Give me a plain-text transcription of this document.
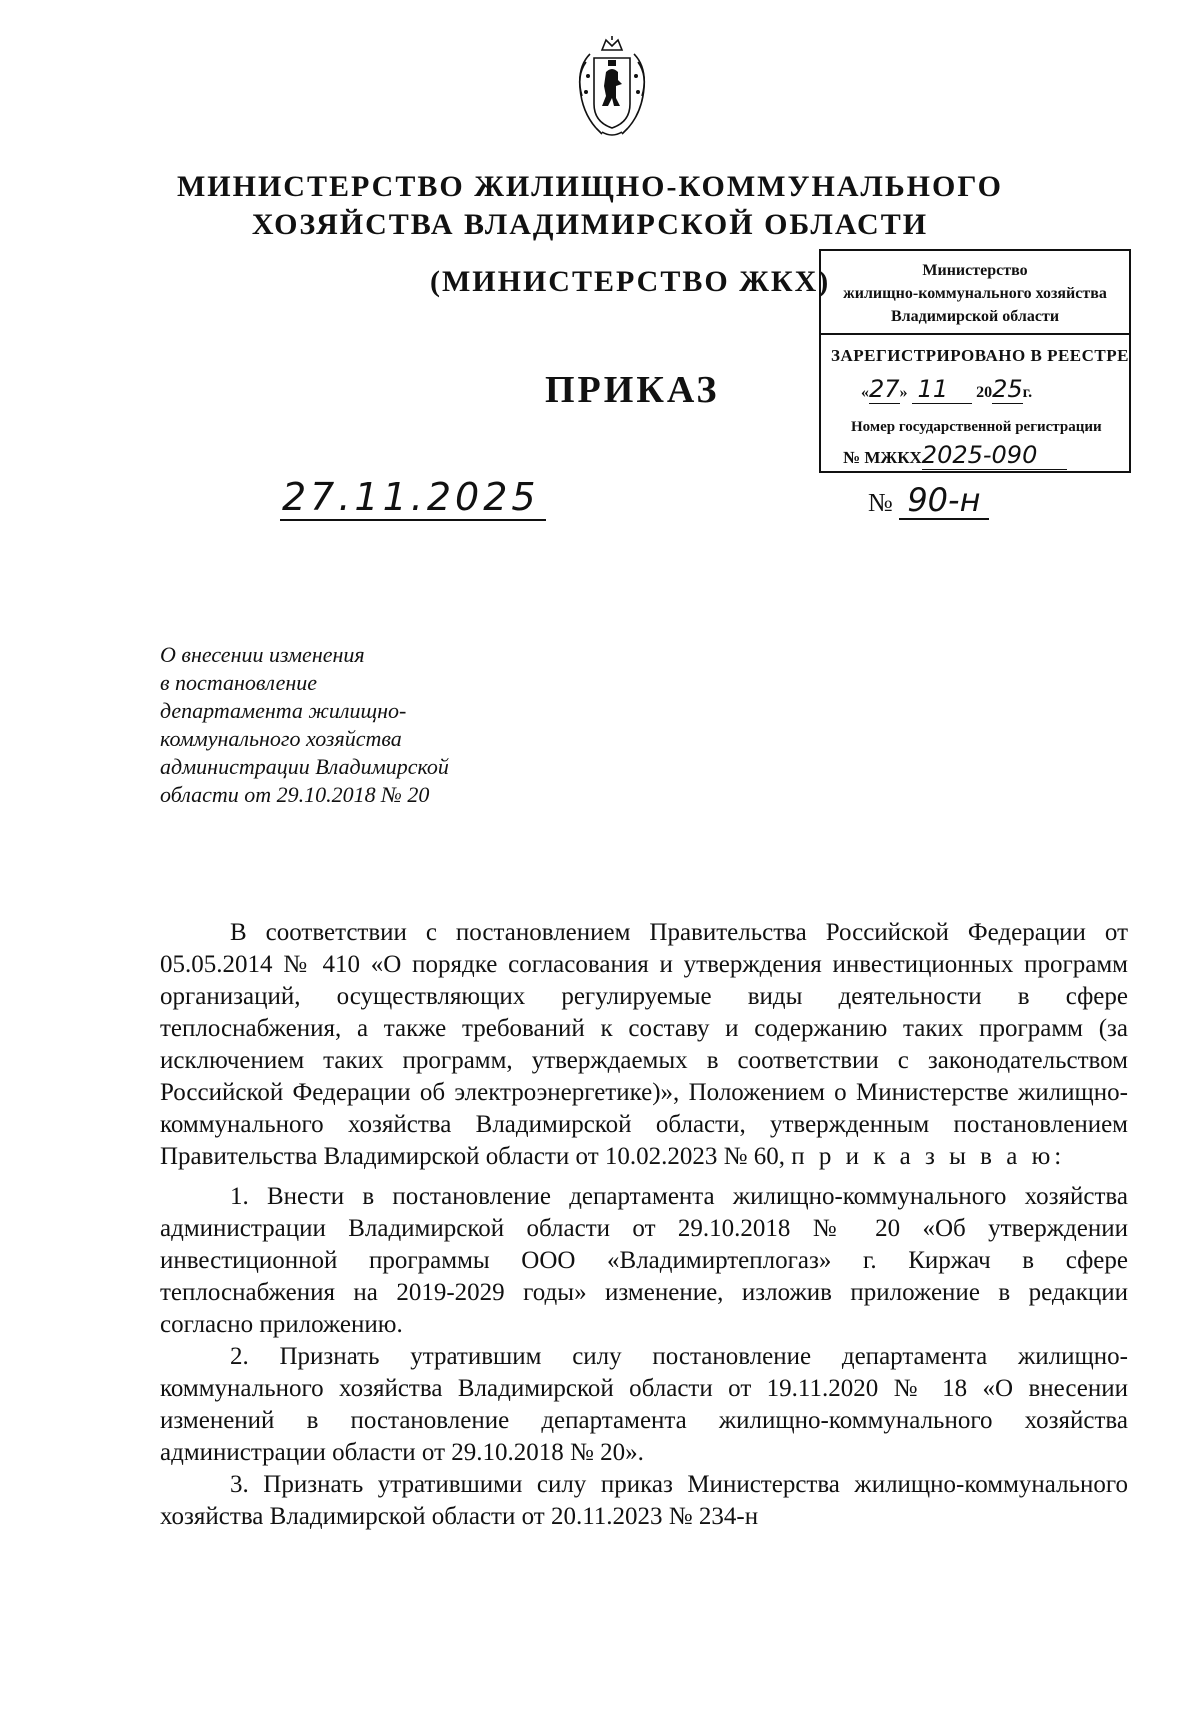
МИНИСТЕРСТВО ЖИЛИЩНО-КОММУНАЛЬНОГО
ХОЗЯЙСТВА ВЛАДИМИРСКОЙ ОБЛАСТИ
(МИНИСТЕРСТВО ЖКХ)
ПРИКАЗ
Министерство
жилищно-коммунального хозяйства
Владимирской области
ЗАРЕГИСТРИРОВАНО В РЕЕСТРЕ
«27» 11 2025г.
Номер государственной регистрации
№ МЖКХ2025-090
27.11.2025	№ 90-н
О внесении изменения
в постановление
департамента жилищно-
коммунального хозяйства
администрации Владимирской
области от 29.10.2018 № 20

В соответствии с постановлением Правительства Российской Федерации от 05.05.2014 № 410 «О порядке согласования и утверждения инвестиционных программ организаций, осуществляющих регулируемые виды деятельности в сфере теплоснабжения, а также требований к составу и содержанию таких программ (за исключением таких программ, утверждаемых в соответствии с законодательством Российской Федерации об электроэнергетике)», Положением о Министерстве жилищно-коммунального хозяйства Владимирской области, утвержденным постановлением Правительства Владимирской области от 10.02.2023 № 60, п р и к а з ы в а ю:

1. Внести в постановление департамента жилищно-коммунального хозяйства администрации Владимирской области от 29.10.2018 № 20 «Об утверждении инвестиционной программы ООО «Владимиртеплогаз» г. Киржач в сфере теплоснабжения на 2019-2029 годы» изменение, изложив приложение в редакции согласно приложению.

2. Признать утратившим силу постановление департамента жилищно-коммунального хозяйства Владимирской области от 19.11.2020 № 18 «О внесении изменений в постановление департамента жилищно-коммунального хозяйства администрации области от 29.10.2018 № 20».

3. Признать утратившими силу приказ Министерства жилищно-коммунального хозяйства Владимирской области от 20.11.2023 № 234-н
